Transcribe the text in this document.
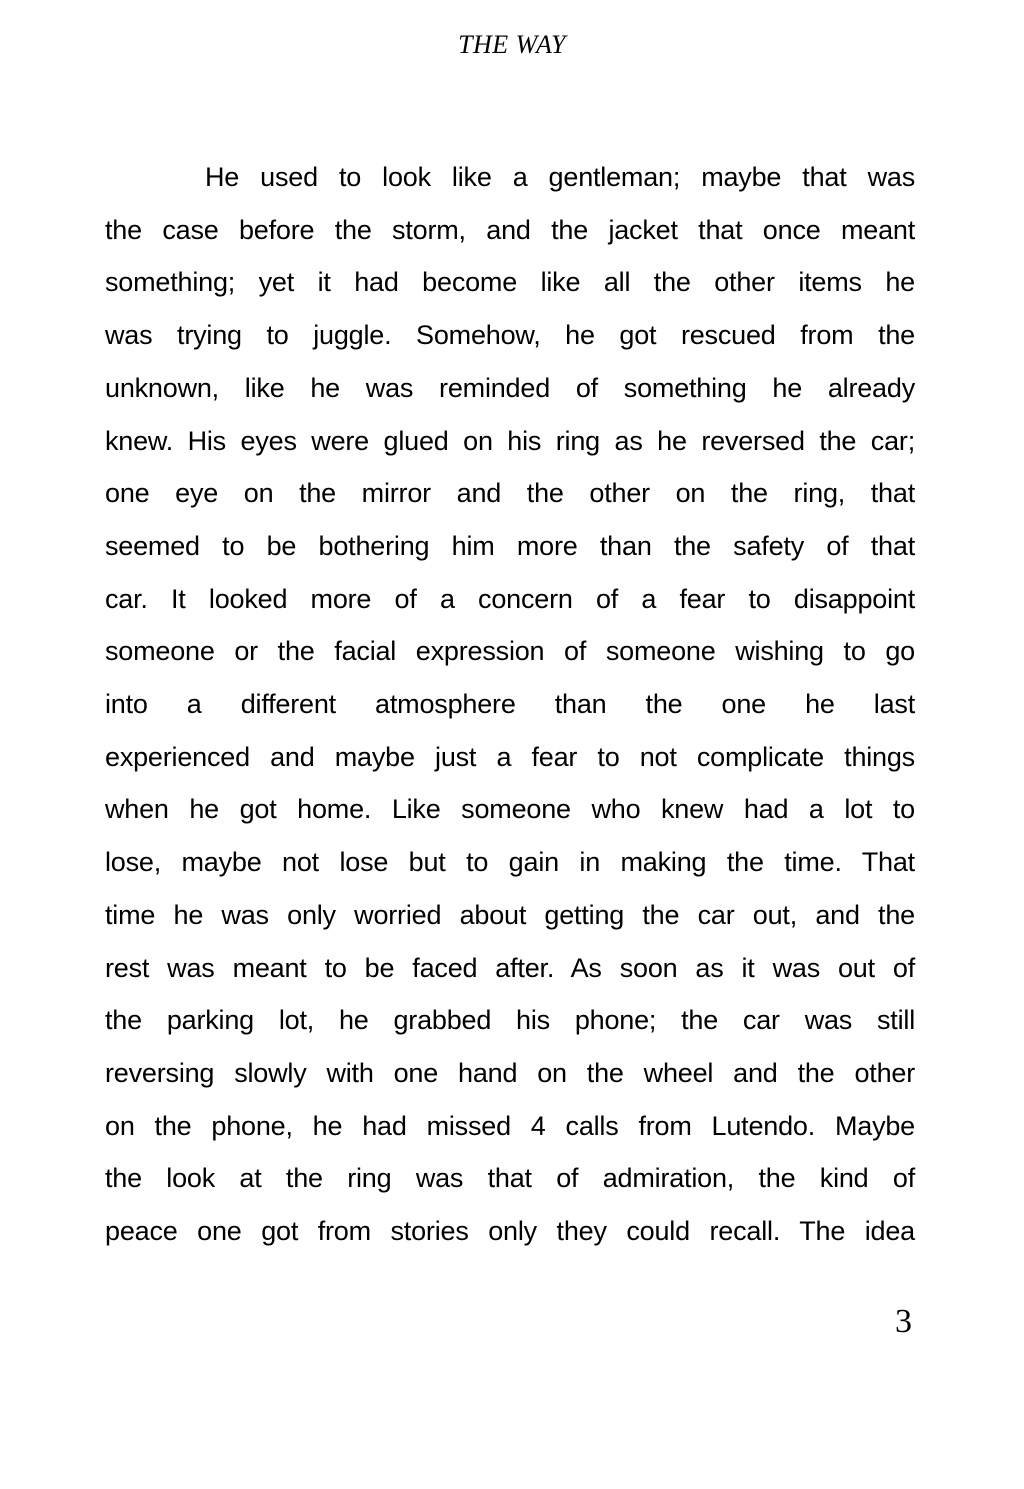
THE WAY
He used to look like a gentleman; maybe that was
the case before the storm, and the jacket that once meant
something; yet it had become like all the other items he
was trying to juggle. Somehow, he got rescued from the
unknown, like he was reminded of something he already
knew. His eyes were glued on his ring as he reversed the car;
one eye on the mirror and the other on the ring, that
seemed to be bothering him more than the safety of that
car. It looked more of a concern of a fear to disappoint
someone or the facial expression of someone wishing to go
into a different atmosphere than the one he last
experienced and maybe just a fear to not complicate things
when he got home. Like someone who knew had a lot to
lose, maybe not lose but to gain in making the time. That
time he was only worried about getting the car out, and the
rest was meant to be faced after. As soon as it was out of
the parking lot, he grabbed his phone; the car was still
reversing slowly with one hand on the wheel and the other
on the phone, he had missed 4 calls from Lutendo. Maybe
the look at the ring was that of admiration, the kind of
peace one got from stories only they could recall. The idea
3
